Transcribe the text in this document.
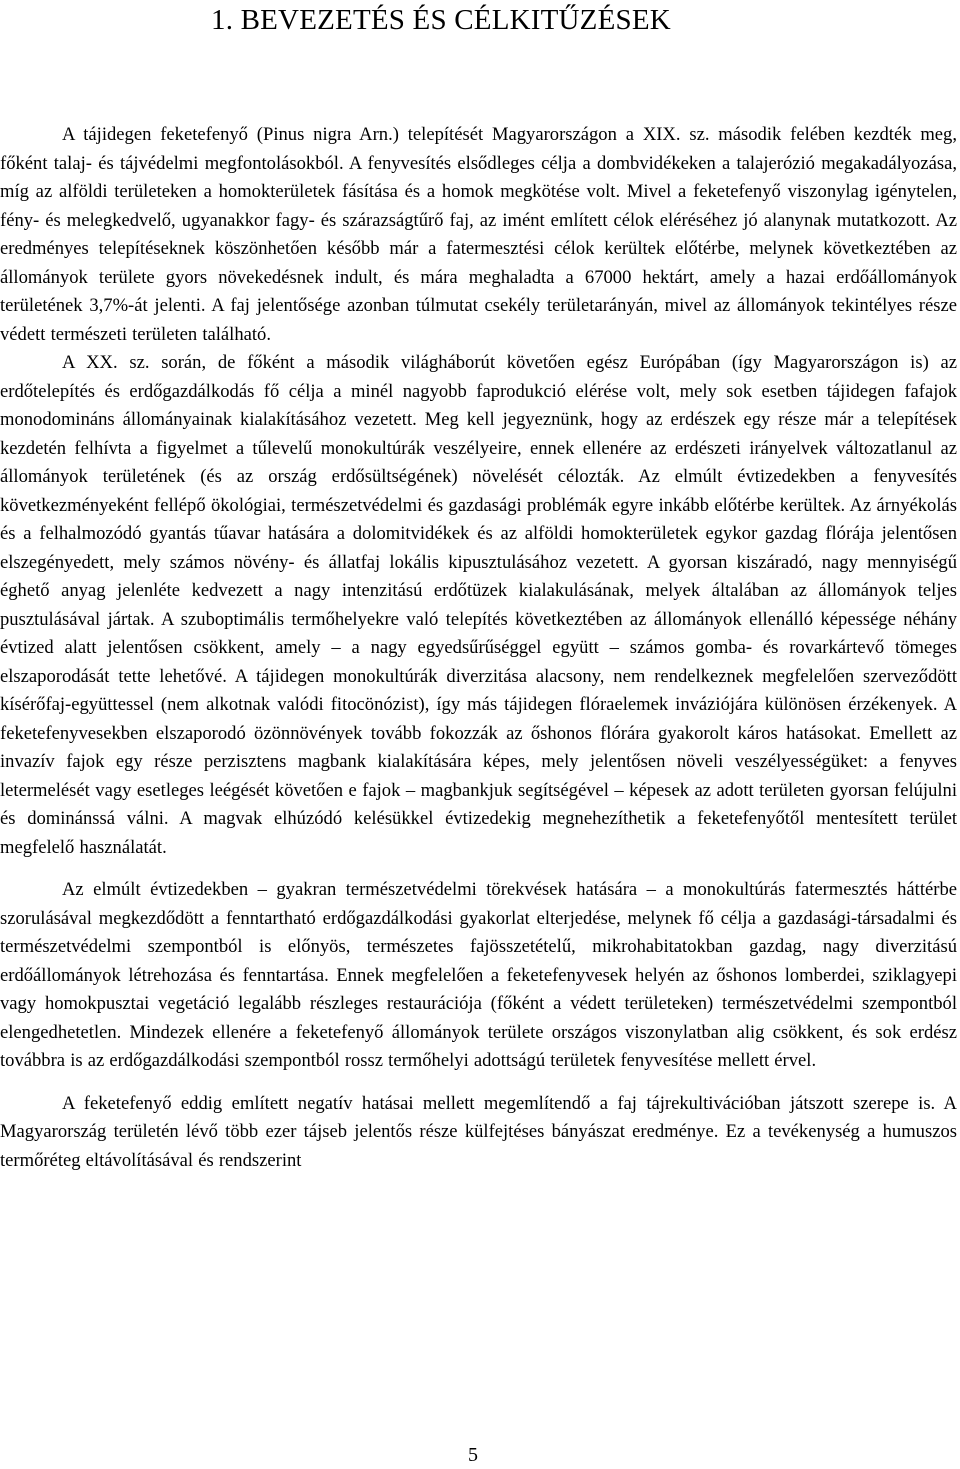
1. BEVEZETÉS ÉS CÉLKITŰZÉSEK

A tájidegen feketefenyő (Pinus nigra Arn.) telepítését Magyarországon a XIX. sz. második felében kezdték meg, főként talaj- és tájvédelmi megfontolásokból. A fenyvesítés elsődleges célja a dombvidékeken a talajerózió megakadályozása, míg az alföldi területeken a homokterületek fásítása és a homok megkötése volt. Mivel a feketefenyő viszonylag igénytelen, fény- és melegkedvelő, ugyanakkor fagy- és szárazságtűrő faj, az imént említett célok eléréséhez jó alanynak mutatkozott. Az eredményes telepítéseknek köszönhetően később már a fatermesztési célok kerültek előtérbe, melynek következtében az állományok területe gyors növekedésnek indult, és mára meghaladta a 67000 hektárt, amely a hazai erdőállományok területének 3,7%-át jelenti. A faj jelentősége azonban túlmutat csekély területarányán, mivel az állományok tekintélyes része védett természeti területen található.

A XX. sz. során, de főként a második világháborút követően egész Európában (így Magyarországon is) az erdőtelepítés és erdőgazdálkodás fő célja a minél nagyobb faprodukció elérése volt, mely sok esetben tájidegen fafajok monodomináns állományainak kialakításához vezetett. Meg kell jegyeznünk, hogy az erdészek egy része már a telepítések kezdetén felhívta a figyelmet a tűlevelű monokultúrák veszélyeire, ennek ellenére az erdészeti irányelvek változatlanul az állományok területének (és az ország erdősültségének) növelését célozták. Az elmúlt évtizedekben a fenyvesítés következményeként fellépő ökológiai, természetvédelmi és gazdasági problémák egyre inkább előtérbe kerültek. Az árnyékolás és a felhalmozódó gyantás tűavar hatására a dolomitvidékek és az alföldi homokterületek egykor gazdag flórája jelentősen elszegényedett, mely számos növény- és állatfaj lokális kipusztulásához vezetett. A gyorsan kiszáradó, nagy mennyiségű éghető anyag jelenléte kedvezett a nagy intenzitású erdőtüzek kialakulásának, melyek általában az állományok teljes pusztulásával jártak. A szuboptimális termőhelyekre való telepítés következtében az állományok ellenálló képessége néhány évtized alatt jelentősen csökkent, amely – a nagy egyedsűrűséggel együtt – számos gomba- és rovarkártevő tömeges elszaporodását tette lehetővé. A tájidegen monokultúrák diverzitása alacsony, nem rendelkeznek megfelelően szerveződött kísérőfaj-együttessel (nem alkotnak valódi fitocönózist), így más tájidegen flóraelemek inváziójára különösen érzékenyek. A feketefenyvesekben elszaporodó özönnövények tovább fokozzák az őshonos flórára gyakorolt káros hatásokat. Emellett az invazív fajok egy része perzisztens magbank kialakítására képes, mely jelentősen növeli veszélyességüket: a fenyves letermelését vagy esetleges leégését követően e fajok – magbankjuk segítségével – képesek az adott területen gyorsan felújulni és dominánssá válni. A magvak elhúzódó kelésükkel évtizedekig megnehezíthetik a feketefenyőtől mentesített terület megfelelő használatát.

Az elmúlt évtizedekben – gyakran természetvédelmi törekvések hatására – a monokultúrás fatermesztés háttérbe szorulásával megkezdődött a fenntartható erdőgazdálkodási gyakorlat elterjedése, melynek fő célja a gazdasági-társadalmi és természetvédelmi szempontból is előnyös, természetes fajösszetételű, mikrohabitatokban gazdag, nagy diverzitású erdőállományok létrehozása és fenntartása. Ennek megfelelően a feketefenyvesek helyén az őshonos lomberdei, sziklagyepi vagy homokpusztai vegetáció legalább részleges restaurációja (főként a védett területeken) természetvédelmi szempontból elengedhetetlen. Mindezek ellenére a feketefenyő állományok területe országos viszonylatban alig csökkent, és sok erdész továbbra is az erdőgazdálkodási szempontból rossz termőhelyi adottságú területek fenyvesítése mellett érvel.

A feketefenyő eddig említett negatív hatásai mellett megemlítendő a faj tájrekultivációban játszott szerepe is. A Magyarország területén lévő több ezer tájseb jelentős része külfejtéses bányászat eredménye. Ez a tevékenység a humuszos termőréteg eltávolításával és rendszerint

5
